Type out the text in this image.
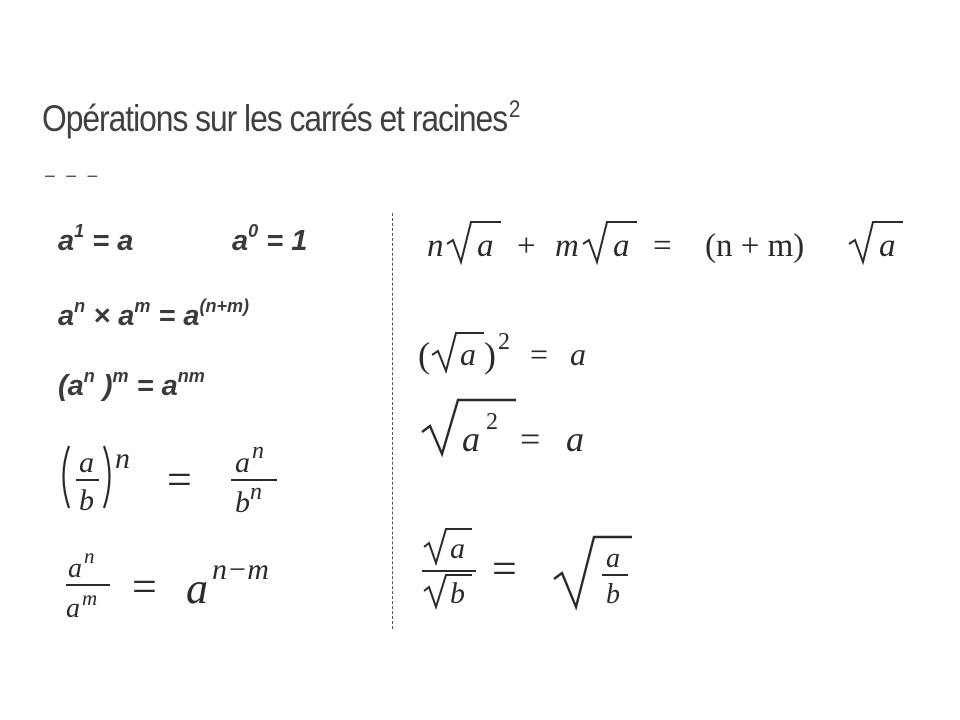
Opérations sur les carrés et racines$^2$
− − −
$a^1 = a$	$a^0 = 1$
$a^n \times a^m = a^{(n+m)}$
($a^n$ )$^m = a^{nm}$
a
b
n = a n
b n
a n
a m = a n−m
n a + m a = (n + m) a
( a ) 2 = a
a 2 = a
a
b
=	a
b
